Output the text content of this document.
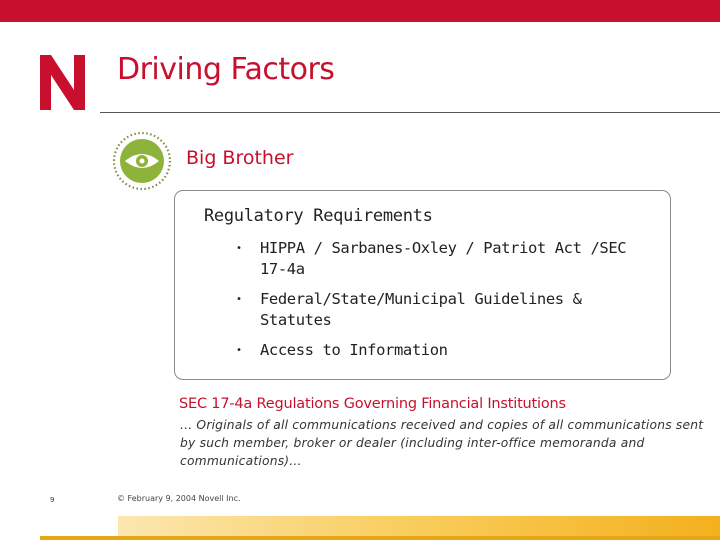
Driving Factors
Big Brother
Regulatory Requirements
• HIPPA / Sarbanes-Oxley / Patriot Act /SEC 17-4a
• Federal/State/Municipal Guidelines & Statutes
• Access to Information
SEC 17-4a Regulations Governing Financial Institutions
... Originals of all communications received and copies of all communications sent by such member, broker or dealer (including inter-office memoranda and communications)...
9	© February 9, 2004 Novell Inc.
